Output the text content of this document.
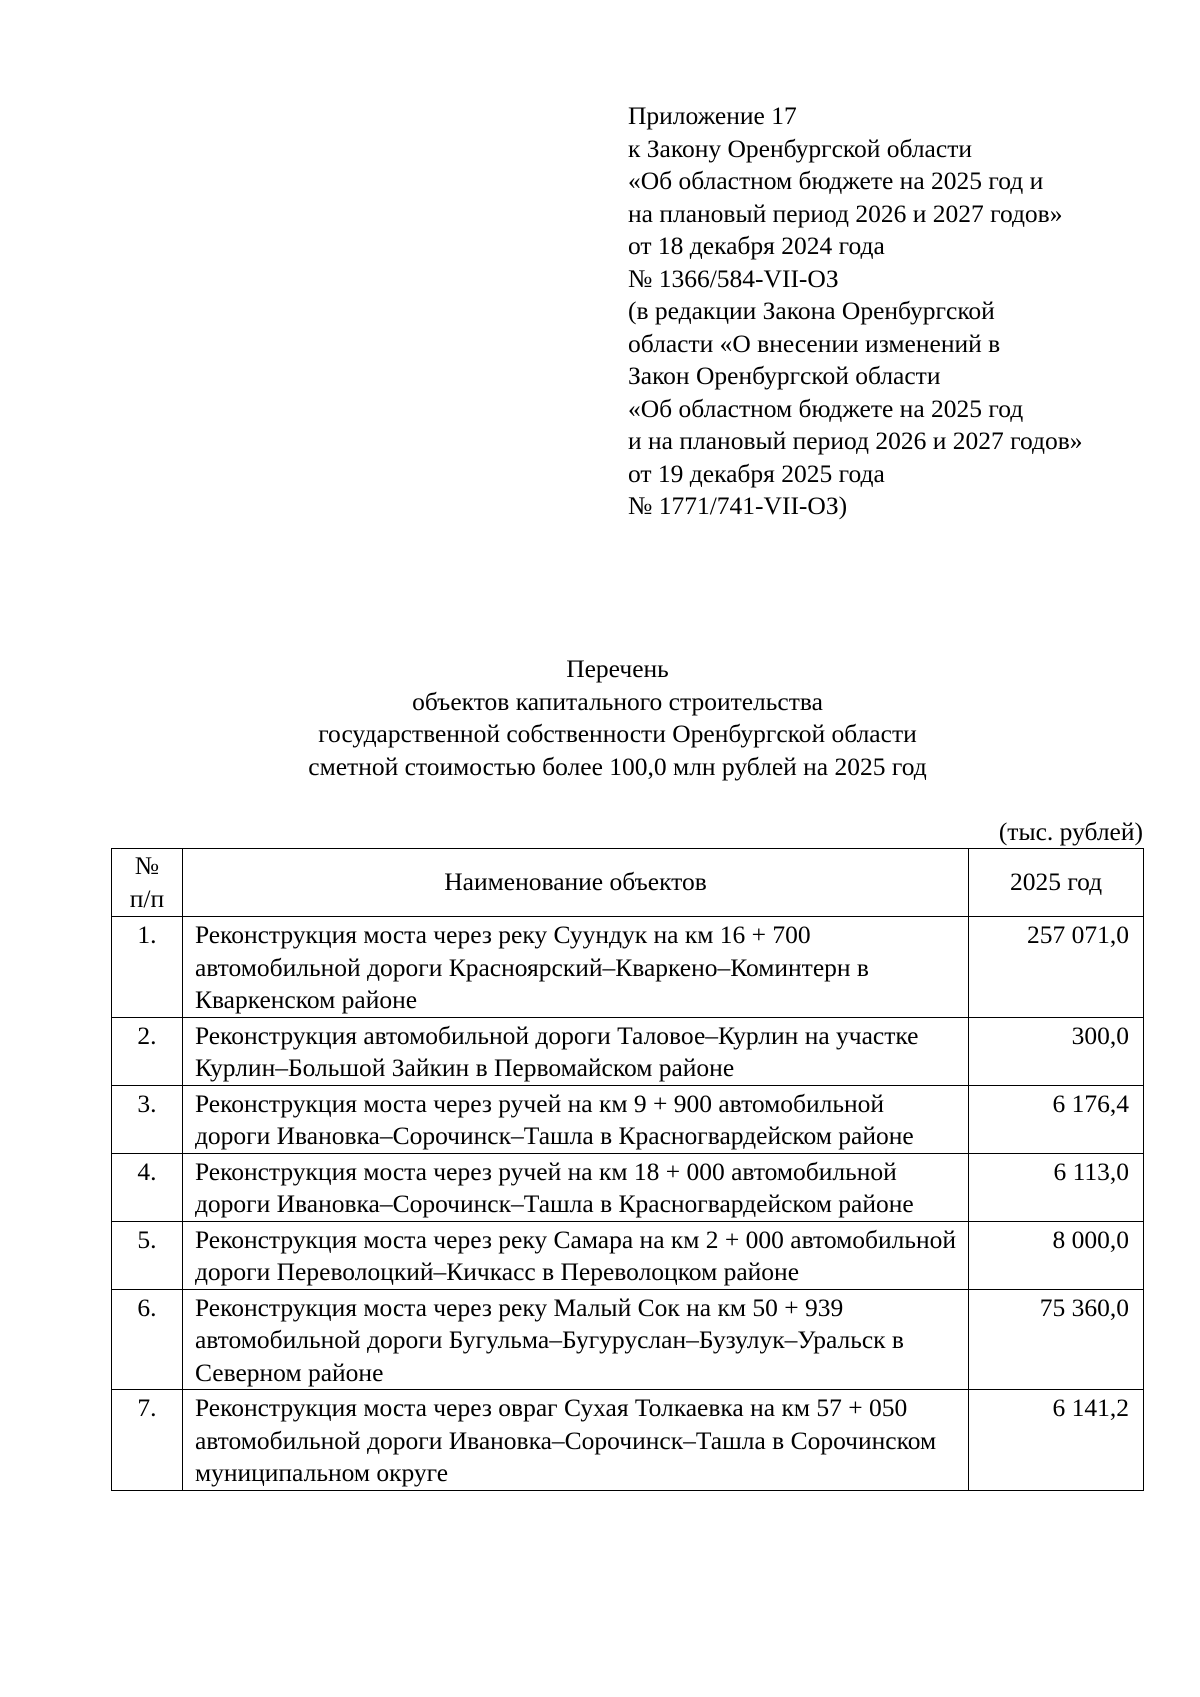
Приложение 17
к Закону Оренбургской области
«Об областном бюджете на 2025 год и
на плановый период 2026 и 2027 годов»
от 18 декабря 2024 года
№ 1366/584-VII-ОЗ
(в редакции Закона Оренбургской
области «О внесении изменений в
Закон Оренбургской области
«Об областном бюджете на 2025 год
и на плановый период 2026 и 2027 годов»
от 19 декабря 2025 года
№ 1771/741-VII-ОЗ)
Перечень
объектов капитального строительства
государственной собственности Оренбургской области
сметной стоимостью более 100,0 млн рублей на 2025 год
(тыс. рублей)
№
п/п	Наименование объектов	2025 год
1.	Реконструкция моста через реку Суундук на км 16 + 700 автомобильной дороги Красноярский–Кваркено–Коминтерн в Кваркенском районе	257 071,0
2.	Реконструкция автомобильной дороги Таловое–Курлин на участке Курлин–Большой Зайкин в Первомайском районе	300,0
3.	Реконструкция моста через ручей на км 9 + 900 автомобильной дороги Ивановка–Сорочинск–Ташла в Красногвардейском районе	6 176,4
4.	Реконструкция моста через ручей на км 18 + 000 автомобильной дороги Ивановка–Сорочинск–Ташла в Красногвардейском районе	6 113,0
5.	Реконструкция моста через реку Самара на км 2 + 000 автомобильной дороги Переволоцкий–Кичкасс в Переволоцком районе	8 000,0
6.	Реконструкция моста через реку Малый Сок на км 50 + 939 автомобильной дороги Бугульма–Бугуруслан–Бузулук–Уральск в Северном районе	75 360,0
7.	Реконструкция моста через овраг Сухая Толкаевка на км 57 + 050 автомобильной дороги Ивановка–Сорочинск–Ташла в Сорочинском муниципальном округе	6 141,2
